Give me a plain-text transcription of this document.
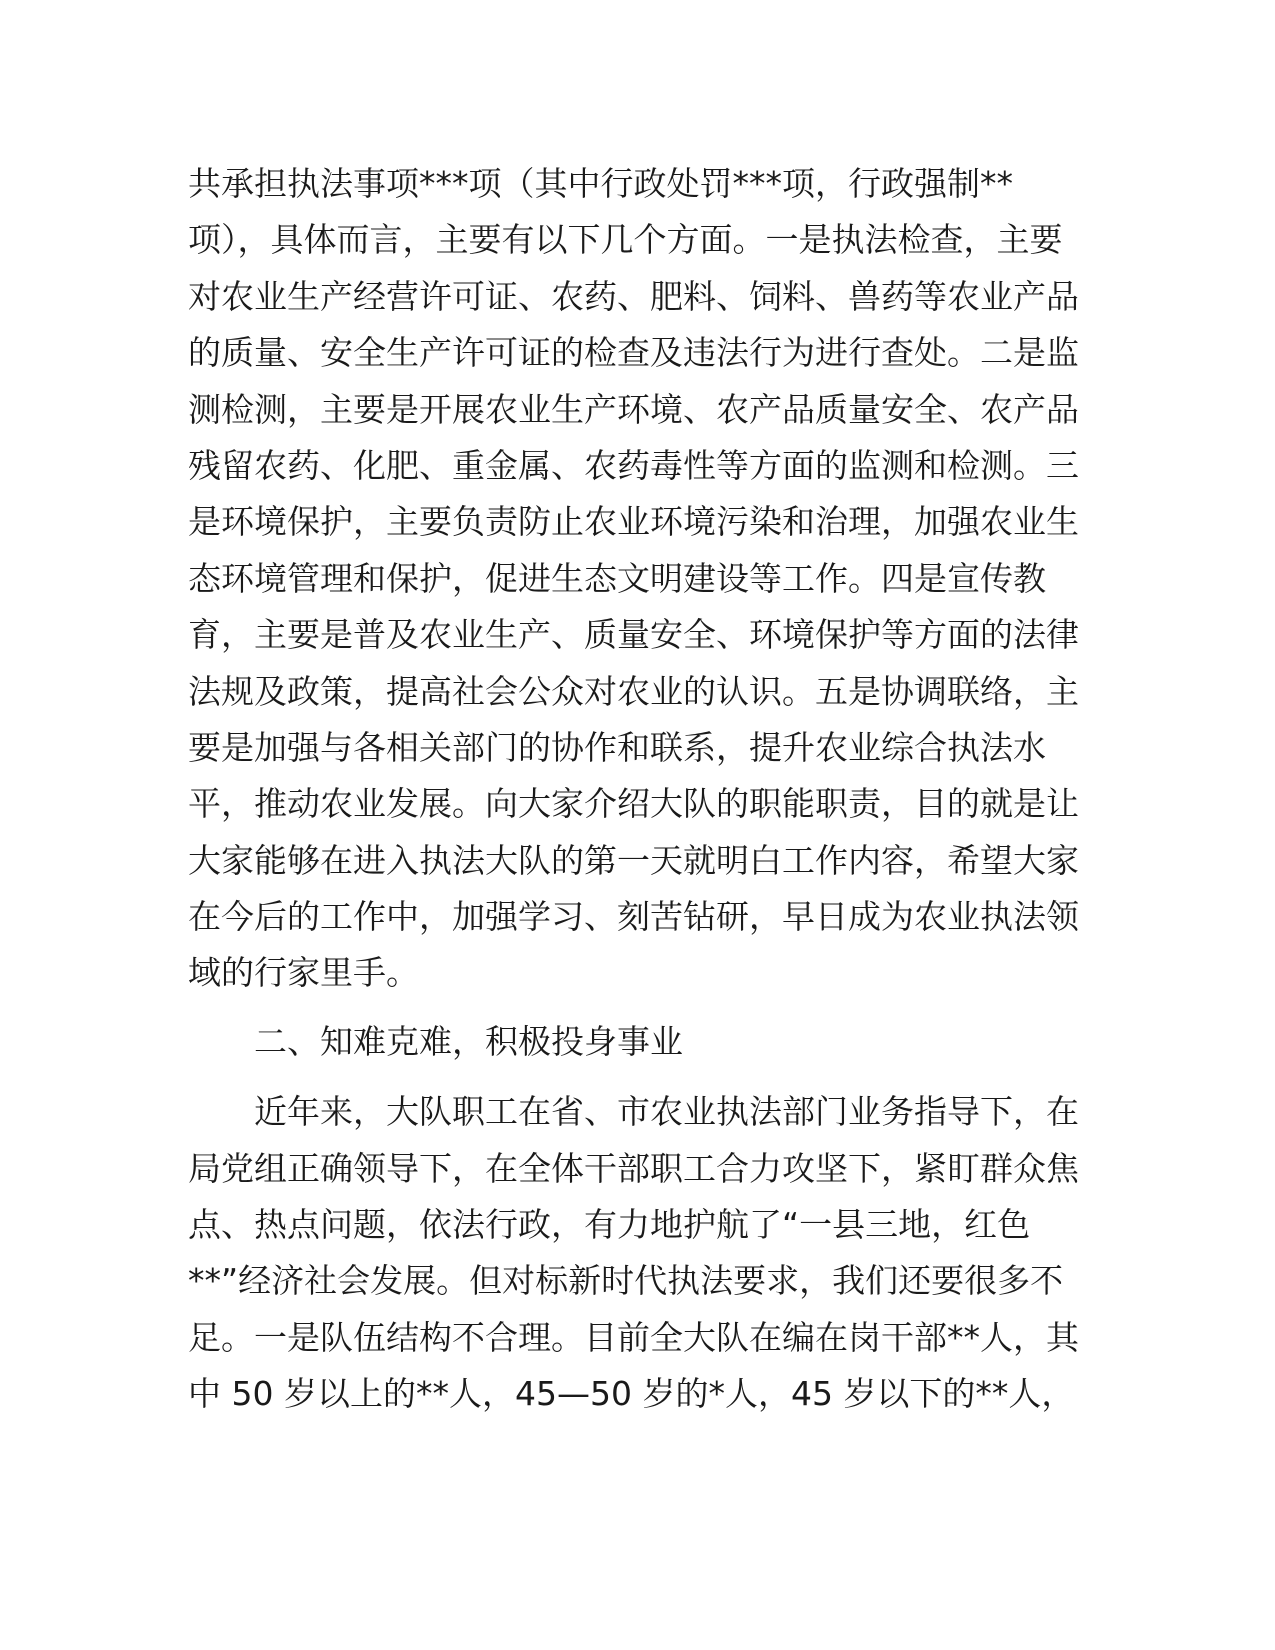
共承担执法事项***项（其中行政处罚***项，行政强制**
项），具体而言，主要有以下几个方面。一是执法检查，主要
对农业生产经营许可证、农药、肥料、饲料、兽药等农业产品
的质量、安全生产许可证的检查及违法行为进行查处。二是监
测检测，主要是开展农业生产环境、农产品质量安全、农产品
残留农药、化肥、重金属、农药毒性等方面的监测和检测。三
是环境保护，主要负责防止农业环境污染和治理，加强农业生
态环境管理和保护，促进生态文明建设等工作。四是宣传教
育，主要是普及农业生产、质量安全、环境保护等方面的法律
法规及政策，提高社会公众对农业的认识。五是协调联络，主
要是加强与各相关部门的协作和联系，提升农业综合执法水
平，推动农业发展。向大家介绍大队的职能职责，目的就是让
大家能够在进入执法大队的第一天就明白工作内容，希望大家
在今后的工作中，加强学习、刻苦钻研，早日成为农业执法领
域的行家里手。
　　二、知难克难，积极投身事业
　　近年来，大队职工在省、市农业执法部门业务指导下，在
局党组正确领导下，在全体干部职工合力攻坚下，紧盯群众焦
点、热点问题，依法行政，有力地护航了“一县三地，红色
**”经济社会发展。但对标新时代执法要求，我们还要很多不
足。一是队伍结构不合理。目前全大队在编在岗干部**人，其
中 50 岁以上的**人，45—50 岁的*人，45 岁以下的**人，
